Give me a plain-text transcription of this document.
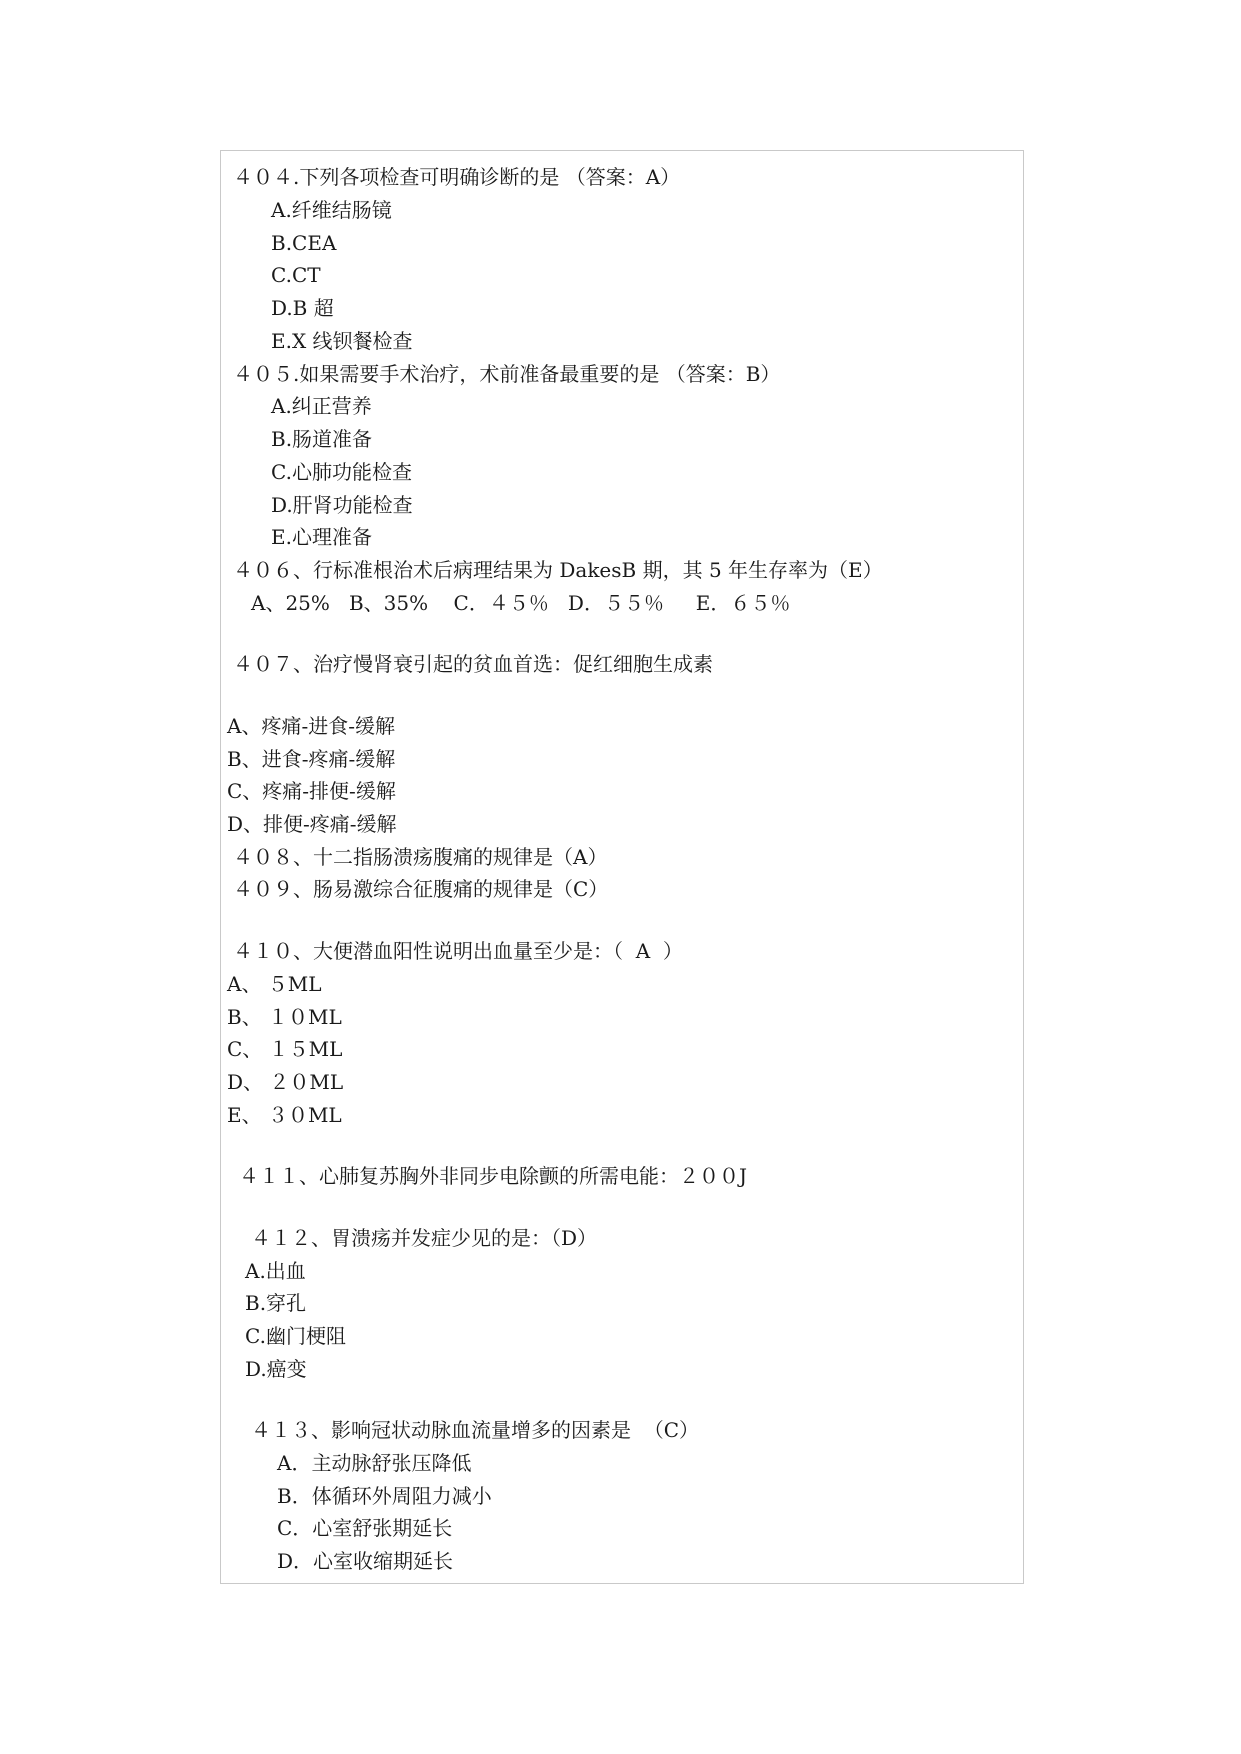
４０４.下列各项检查可明确诊断的是 （答案：A）
A.纤维结肠镜
B.CEA
C.CT
D.B 超
E.X 线钡餐检查
４０５.如果需要手术治疗，术前准备最重要的是 （答案：B）
A.纠正营养
B.肠道准备
C.心肺功能检查
D.肝肾功能检查
E.心理准备
４０６、行标准根治术后病理结果为 DakesB 期，其 5 年生存率为（E）
A、25%   B、35%    C．４５％   D．５５％     E．６５％
４０７、治疗慢肾衰引起的贫血首选：促红细胞生成素
A、疼痛-进食-缓解
B、进食-疼痛-缓解
C、疼痛-排便-缓解
D、排便-疼痛-缓解
４０８、十二指肠溃疡腹痛的规律是（A）
４０９、肠易激综合征腹痛的规律是（C）
４１０、大便潜血阳性说明出血量至少是：（  A  ）
A、 ５ML
B、 １０ML
C、 １５ML
D、 ２０ML
E、 ３０ML
４１１、心肺复苏胸外非同步电除颤的所需电能：２００J
４１２、胃溃疡并发症少见的是：（D）
A.出血
B.穿孔
C.幽门梗阻
D.癌变
４１３、影响冠状动脉血流量增多的因素是  （C）
A．主动脉舒张压降低
B．体循环外周阻力减小
C．心室舒张期延长
D．心室收缩期延长
